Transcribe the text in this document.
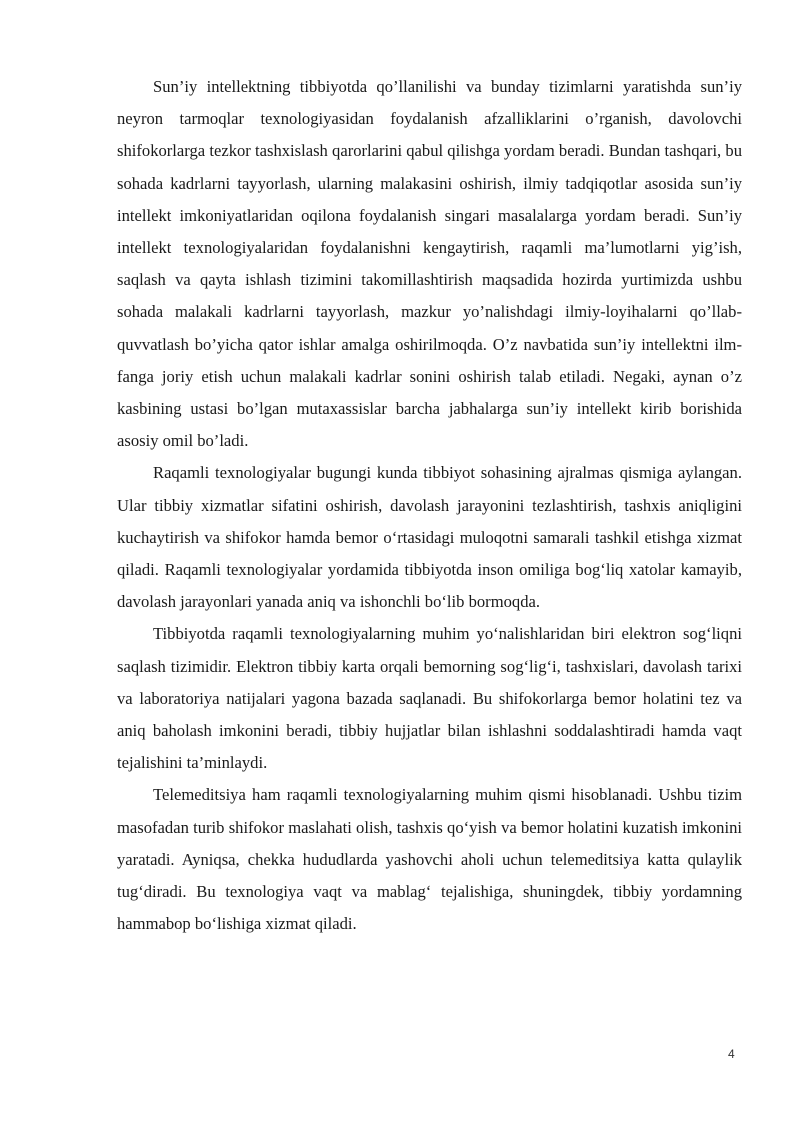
Sun’iy intellektning tibbiyotda qo’llanilishi va bunday tizimlarni yaratishda sun’iy neyron tarmoqlar texnologiyasidan foydalanish afzalliklarini o’rganish, davolovchi shifokorlarga tezkor tashxislash qarorlarini qabul qilishga yordam beradi. Bundan tashqari, bu sohada kadrlarni tayyorlash, ularning malakasini oshirish, ilmiy tadqiqotlar asosida sun’iy intellekt imkoniyatlaridan oqilona foydalanish singari masalalarga yordam beradi. Sun’iy intellekt texnologiyalaridan foydalanishni kengaytirish, raqamli ma’lumotlarni yig’ish, saqlash va qayta ishlash tizimini takomillashtirish maqsadida hozirda yurtimizda ushbu sohada malakali kadrlarni tayyorlash, mazkur yo’nalishdagi ilmiy-loyihalarni qo’llab-quvvatlash bo’yicha qator ishlar amalga oshirilmoqda. O’z navbatida sun’iy intellektni ilm-fanga joriy etish uchun malakali kadrlar sonini oshirish talab etiladi. Negaki, aynan o’z kasbining ustasi bo’lgan mutaxassislar barcha jabhalarga sun’iy intellekt kirib borishida asosiy omil bo’ladi.

Raqamli texnologiyalar bugungi kunda tibbiyot sohasining ajralmas qismiga aylangan. Ular tibbiy xizmatlar sifatini oshirish, davolash jarayonini tezlashtirish, tashxis aniqligini kuchaytirish va shifokor hamda bemor o‘rtasidagi muloqotni samarali tashkil etishga xizmat qiladi. Raqamli texnologiyalar yordamida tibbiyotda inson omiliga bog‘liq xatolar kamayib, davolash jarayonlari yanada aniq va ishonchli bo‘lib bormoqda.

Tibbiyotda raqamli texnologiyalarning muhim yo‘nalishlaridan biri elektron sog‘liqni saqlash tizimidir. Elektron tibbiy karta orqali bemorning sog‘lig‘i, tashxislari, davolash tarixi va laboratoriya natijalari yagona bazada saqlanadi. Bu shifokorlarga bemor holatini tez va aniq baholash imkonini beradi, tibbiy hujjatlar bilan ishlashni soddalashtiradi hamda vaqt tejalishini ta’minlaydi.

Telemeditsiya ham raqamli texnologiyalarning muhim qismi hisoblanadi. Ushbu tizim masofadan turib shifokor maslahati olish, tashxis qo‘yish va bemor holatini kuzatish imkonini yaratadi. Ayniqsa, chekka hududlarda yashovchi aholi uchun telemeditsiya katta qulaylik tug‘diradi. Bu texnologiya vaqt va mablag‘ tejalishiga, shuningdek, tibbiy yordamning hammabop bo‘lishiga xizmat qiladi.

4
